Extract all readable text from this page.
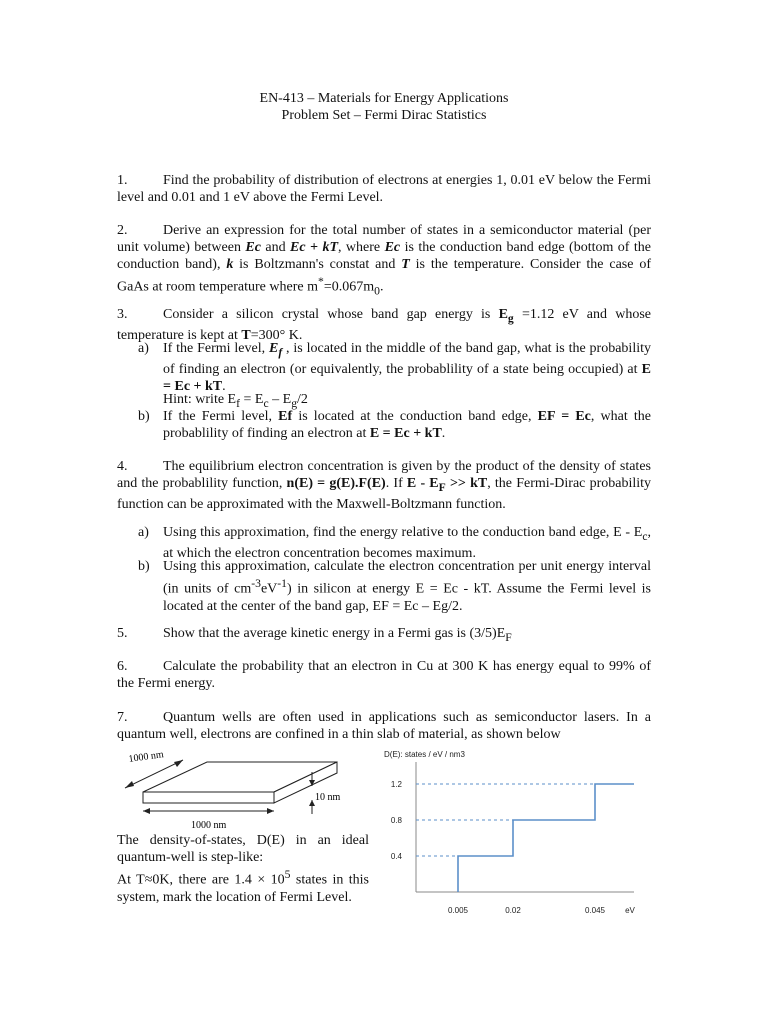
EN-413 – Materials for Energy Applications
Problem Set – Fermi Dirac Statistics
1.	Find the probability of distribution of electrons at energies 1, 0.01 eV below the Fermi level and 0.01 and 1 eV above the Fermi Level.
2.	Derive an expression for the total number of states in a semiconductor material (per unit volume) between Ec and Ec + kT, where Ec is the conduction band edge (bottom of the conduction band), k is Boltzmann's constat and T is the temperature. Consider the case of GaAs at room temperature where $m^*=0.067m_0$.
3.	Consider a silicon crystal whose band gap energy is $E_g =1.12$ eV and whose temperature is kept at T=300° K.
a) If the Fermi level, $E_f$ , is located in the middle of the band gap, what is the probability of finding an electron (or equivalently, the probablility of a state being occupied) at E = Ec + kT.
Hint: write $E_f = E_c - E_g/2$
b) If the Fermi level, Ef is located at the conduction band edge, EF = Ec, what the probablility of finding an electron at E = Ec + kT.
4.	The equilibrium electron concentration is given by the product of the density of states and the probablility function, n(E) = g(E).F(E). If E - $E_F$ >> kT, the Fermi-Dirac probability function can be approximated with the Maxwell-Boltzmann function.
a) Using this approximation, find the energy relative to the conduction band edge, E - $E_c$, at which the electron concentration becomes maximum.
b) Using this approximation, calculate the electron concentration per unit energy interval (in units of $cm^{-3}eV^{-1}$) in silicon at energy E = Ec - kT. Assume the Fermi level is located at the center of the band gap, EF = Ec – Eg/2.
5.	Show that the average kinetic energy in a Fermi gas is $(3/5)E_F$
6.	Calculate the probability that an electron in Cu at 300 K has energy equal to 99% of the Fermi energy.
7.	Quantum wells are often used in applications such as semiconductor lasers. In a quantum well, electrons are confined in a thin slab of material, as shown below
1000 nm
1000 nm
10 nm
The density-of-states, D(E) in an ideal quantum-well is step-like:
At T≈0K, there are $1.4 \times 10^5$ states in this system, mark the location of Fermi Level.
D(E): states / eV / nm3
0.4
0.8
1.2
0.005	0.02	0.045	eV
